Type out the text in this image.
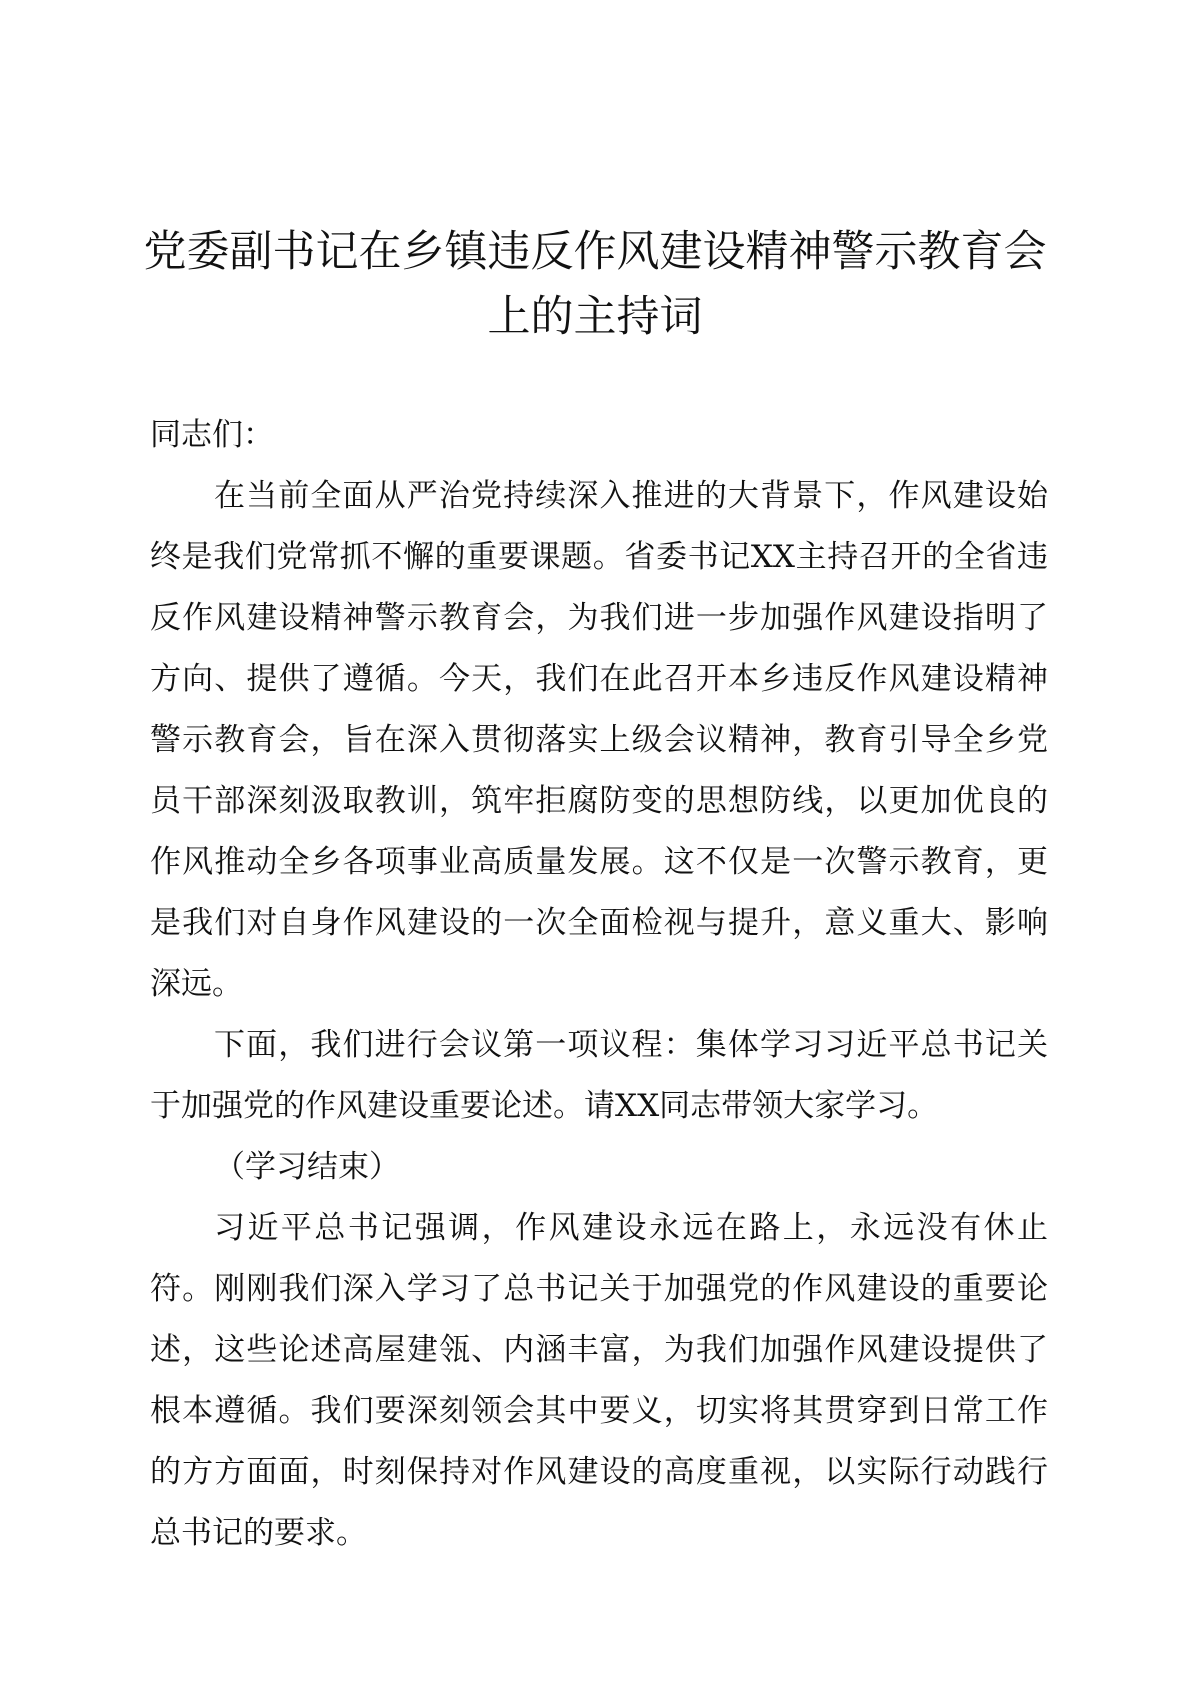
党委副书记在乡镇违反作风建设精神警示教育会上的主持词

同志们：

在当前全面从严治党持续深入推进的大背景下，作风建设始终是我们党常抓不懈的重要课题。省委书记XX主持召开的全省违反作风建设精神警示教育会，为我们进一步加强作风建设指明了方向、提供了遵循。今天，我们在此召开本乡违反作风建设精神警示教育会，旨在深入贯彻落实上级会议精神，教育引导全乡党员干部深刻汲取教训，筑牢拒腐防变的思想防线，以更加优良的作风推动全乡各项事业高质量发展。这不仅是一次警示教育，更是我们对自身作风建设的一次全面检视与提升，意义重大、影响深远。

下面，我们进行会议第一项议程：集体学习习近平总书记关于加强党的作风建设重要论述。请XX同志带领大家学习。

（学习结束）

习近平总书记强调，作风建设永远在路上，永远没有休止符。刚刚我们深入学习了总书记关于加强党的作风建设的重要论述，这些论述高屋建瓴、内涵丰富，为我们加强作风建设提供了根本遵循。我们要深刻领会其中要义，切实将其贯穿到日常工作的方方面面，时刻保持对作风建设的高度重视，以实际行动践行总书记的要求。
